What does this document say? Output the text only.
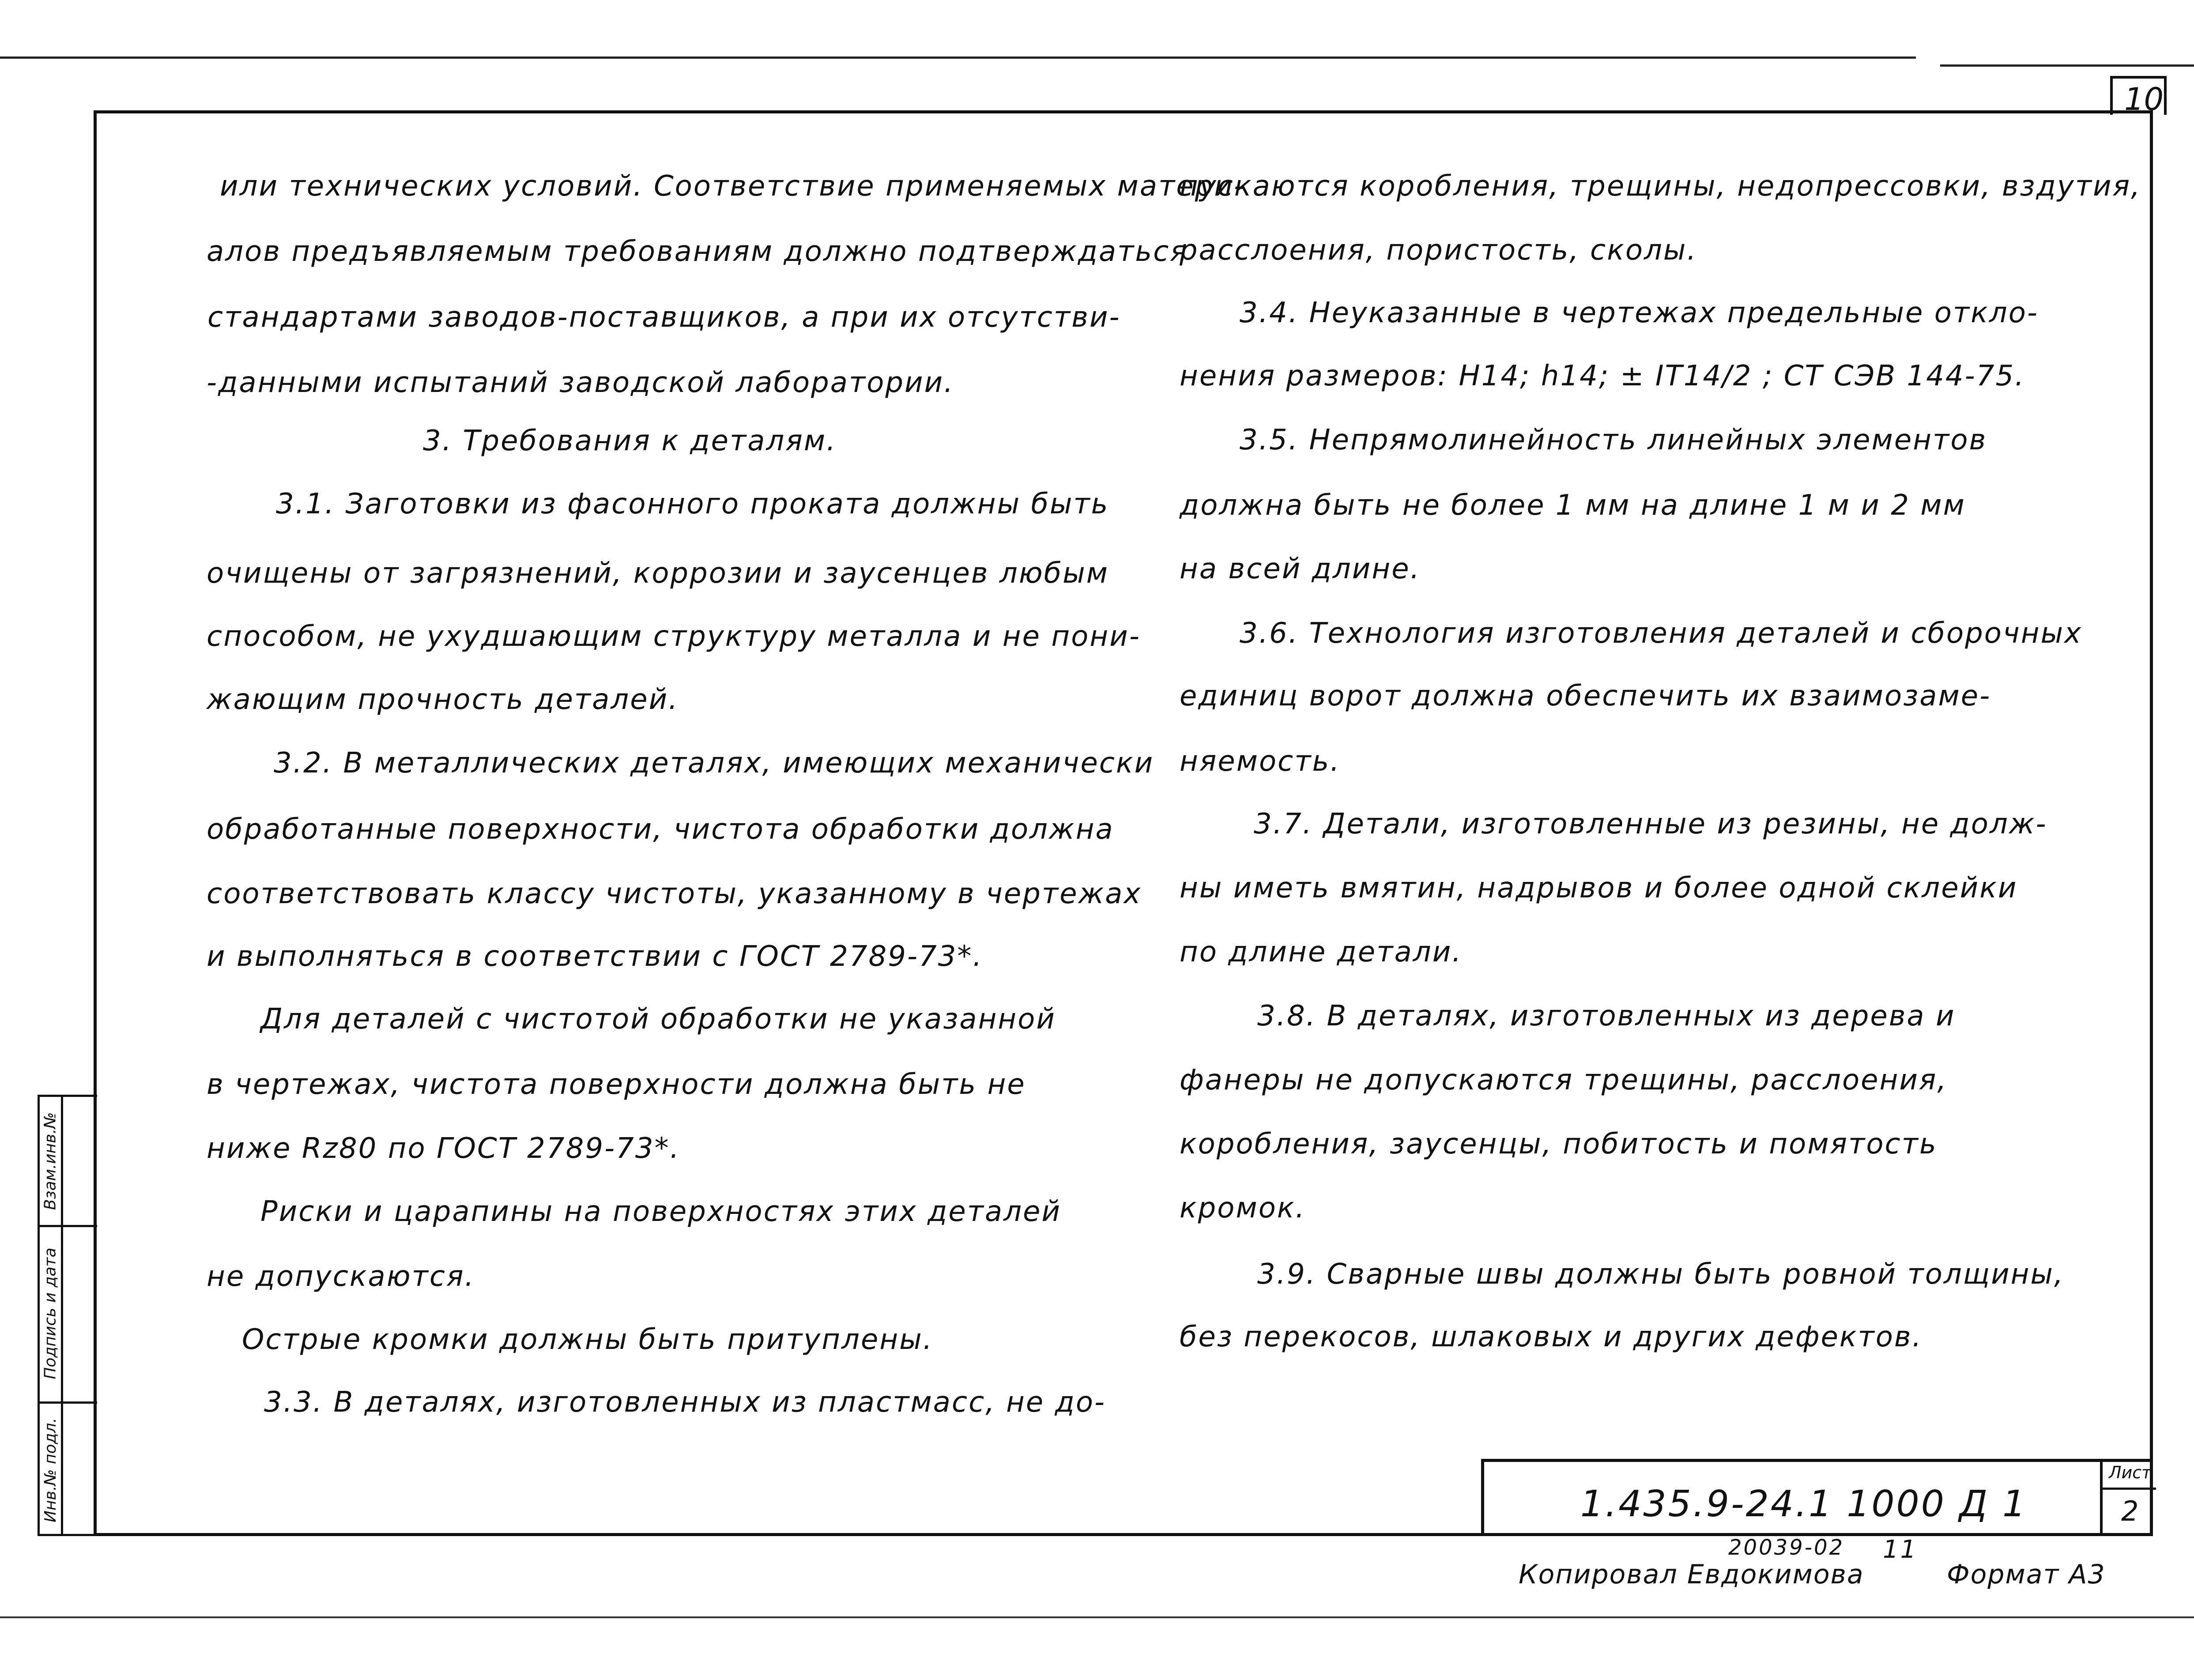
10
или технических условий. Соответствие применяемых матери-
алов предъявляемым требованиям должно подтверждаться
стандартами заводов-поставщиков, а при их отсутстви-
-данными испытаний заводской лаборатории.
3. Требования к деталям.
3.1. Заготовки из фасонного проката должны быть
очищены от загрязнений, коррозии и заусенцев любым
способом, не ухудшающим структуру металла и не пони-
жающим прочность деталей.
3.2. В металлических деталях, имеющих механически
обработанные поверхности, чистота обработки должна
соответствовать классу чистоты, указанному в чертежах
и выполняться в соответствии с ГОСТ 2789-73*.
Для деталей с чистотой обработки не указанной
в чертежах, чистота поверхности должна быть не
ниже Rz80 по ГОСТ 2789-73*.
Риски и царапины на поверхностях этих деталей
не допускаются.
Острые кромки должны быть притуплены.
3.3. В деталях, изготовленных из пластмасс, не до-
пускаются коробления, трещины, недопрессовки, вздутия,
расслоения, пористость, сколы.
3.4. Неуказанные в чертежах предельные откло-
нения размеров: Н14; h14; ± IT14/2 ; СТ СЭВ 144-75.
3.5. Непрямолинейность линейных элементов
должна быть не более 1 мм на длине 1 м и 2 мм
на всей длине.
3.6. Технология изготовления деталей и сборочных
единиц ворот должна обеспечить их взаимозаме-
няемость.
3.7. Детали, изготовленные из резины, не долж-
ны иметь вмятин, надрывов и более одной склейки
по длине детали.
3.8. В деталях, изготовленных из дерева и
фанеры не допускаются трещины, расслоения,
коробления, заусенцы, побитость и помятость
кромок.
3.9. Сварные швы должны быть ровной толщины,
без перекосов, шлаковых и других дефектов.
Взам.инв.№
Подпись и дата
Инв.№ подл.	1.435.9-24.1 1000 Д 1
Лист
2
20039-02 11
Копировал Евдокимова	Формат А3
